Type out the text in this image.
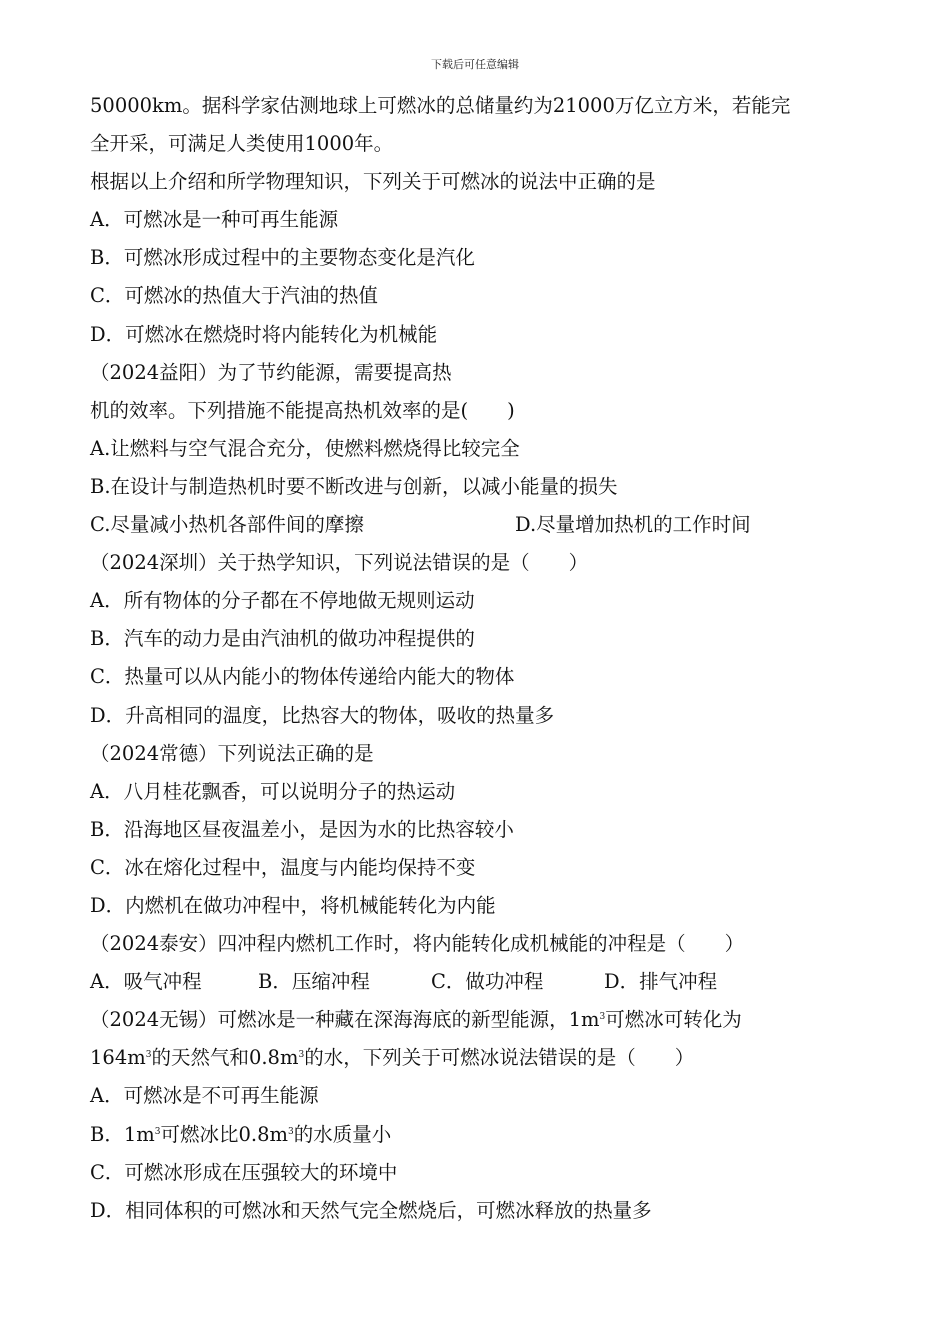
下载后可任意编辑
50000km。据科学家估测地球上可燃冰的总储量约为21000万亿立方米，若能完
全开采，可满足人类使用1000年。
根据以上介绍和所学物理知识，下列关于可燃冰的说法中正确的是
A．可燃冰是一种可再生能源
B．可燃冰形成过程中的主要物态变化是汽化
C．可燃冰的热值大于汽油的热值
D．可燃冰在燃烧时将内能转化为机械能
（2024益阳）为了节约能源，需要提高热
机的效率。下列措施不能提高热机效率的是(　　)
A.让燃料与空气混合充分，使燃料燃烧得比较完全
B.在设计与制造热机时要不断改进与创新，以减小能量的损失
C.尽量减小热机各部件间的摩擦	D.尽量增加热机的工作时间
（2024深圳）关于热学知识，下列说法错误的是（　　）
A．所有物体的分子都在不停地做无规则运动
B．汽车的动力是由汽油机的做功冲程提供的
C．热量可以从内能小的物体传递给内能大的物体
D．升高相同的温度，比热容大的物体，吸收的热量多
（2024常德）下列说法正确的是
A．八月桂花飘香，可以说明分子的热运动
B．沿海地区昼夜温差小，是因为水的比热容较小
C．冰在熔化过程中，温度与内能均保持不变
D．内燃机在做功冲程中，将机械能转化为内能
（2024泰安）四冲程内燃机工作时，将内能转化成机械能的冲程是（　　）
A．吸气冲程	B．压缩冲程	C．做功冲程	D．排气冲程
（2024无锡）可燃冰是一种藏在深海海底的新型能源，$1m^3$可燃冰可转化为
$164m^3$的天然气和$0.8m^3$的水，下列关于可燃冰说法错误的是（　　）
A．可燃冰是不可再生能源
B．$1m^3$可燃冰比$0.8m^3$的水质量小
C．可燃冰形成在压强较大的环境中
D．相同体积的可燃冰和天然气完全燃烧后，可燃冰释放的热量多
